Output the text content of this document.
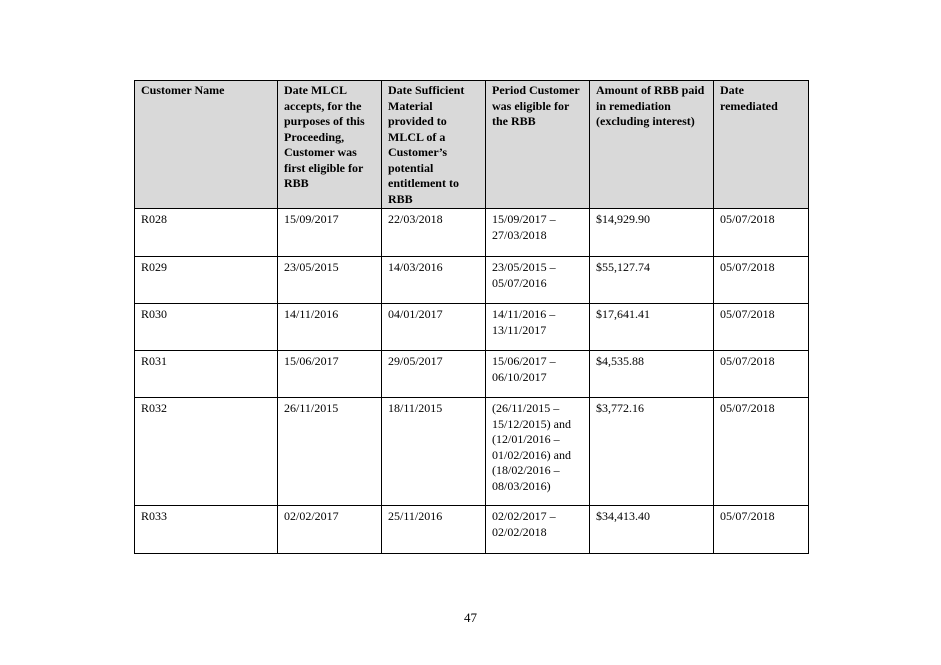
Customer Name	Date MLCL accepts, for the purposes of this Proceeding, Customer was first eligible for RBB	Date Sufficient Material provided to MLCL of a Customer’s potential entitlement to RBB	Period Customer was eligible for the RBB	Amount of RBB paid in remediation (excluding interest)	Date remediated
R028	15/09/2017	22/03/2018	15/09/2017 – 27/03/2018	$14,929.90	05/07/2018
R029	23/05/2015	14/03/2016	23/05/2015 – 05/07/2016	$55,127.74	05/07/2018
R030	14/11/2016	04/01/2017	14/11/2016 – 13/11/2017	$17,641.41	05/07/2018
R031	15/06/2017	29/05/2017	15/06/2017 – 06/10/2017	$4,535.88	05/07/2018
R032	26/11/2015	18/11/2015	(26/11/2015 – 15/12/2015) and (12/01/2016 – 01/02/2016) and (18/02/2016 – 08/03/2016)	$3,772.16	05/07/2018
R033	02/02/2017	25/11/2016	02/02/2017 – 02/02/2018	$34,413.40	05/07/2018
47
